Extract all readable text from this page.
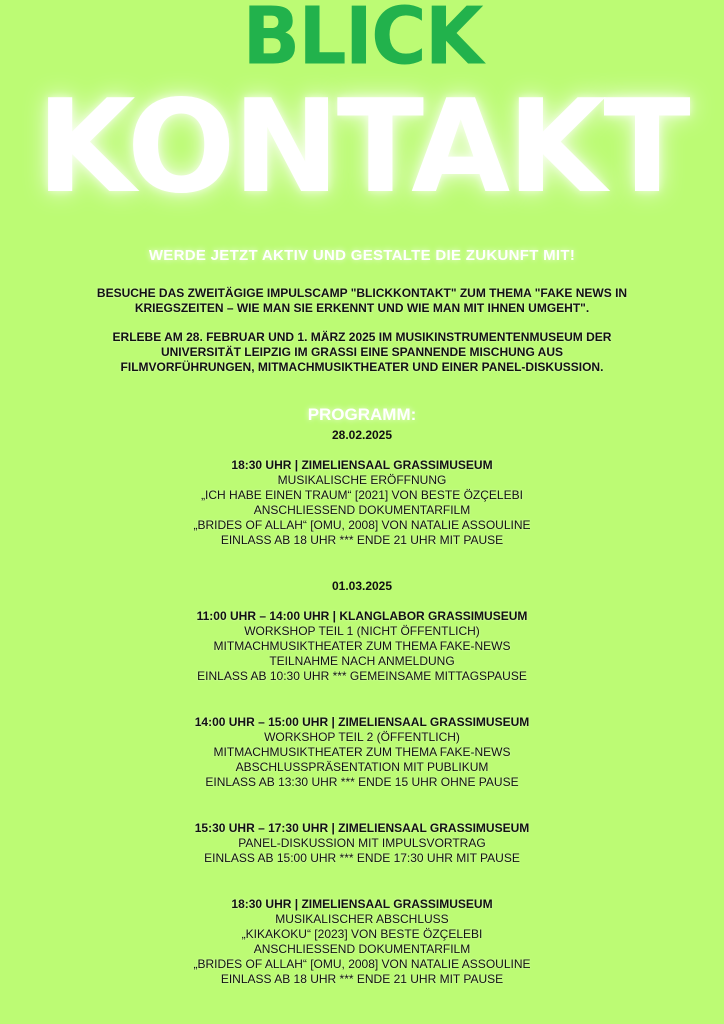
BLICK
KONTAKT
WERDE JETZT AKTIV UND GESTALTE DIE ZUKUNFT MIT!
BESUCHE DAS ZWEITÄGIGE IMPULSCAMP "BLICKKONTAKT" ZUM THEMA "FAKE NEWS IN
KRIEGSZEITEN – WIE MAN SIE ERKENNT UND WIE MAN MIT IHNEN UMGEHT".
ERLEBE AM 28. FEBRUAR UND 1. MÄRZ 2025 IM MUSIKINSTRUMENTENMUSEUM DER
UNIVERSITÄT LEIPZIG IM GRASSI EINE SPANNENDE MISCHUNG AUS
FILMVORFÜHRUNGEN, MITMACHMUSIKTHEATER UND EINER PANEL-DISKUSSION.
PROGRAMM:
28.02.2025
18:30 UHR | ZIMELIENSAAL GRASSIMUSEUM
MUSIKALISCHE ERÖFFNUNG
„ICH HABE EINEN TRAUM“ [2021] VON BESTE ÖZÇELEBI
ANSCHLIESSEND DOKUMENTARFILM
„BRIDES OF ALLAH“ [OMU, 2008] VON NATALIE ASSOULINE
EINLASS AB 18 UHR *** ENDE 21 UHR MIT PAUSE
01.03.2025
11:00 UHR – 14:00 UHR | KLANGLABOR GRASSIMUSEUM
WORKSHOP TEIL 1 (NICHT ÖFFENTLICH)
MITMACHMUSIKTHEATER ZUM THEMA FAKE-NEWS
TEILNAHME NACH ANMELDUNG
EINLASS AB 10:30 UHR *** GEMEINSAME MITTAGSPAUSE
14:00 UHR – 15:00 UHR | ZIMELIENSAAL GRASSIMUSEUM
WORKSHOP TEIL 2 (ÖFFENTLICH)
MITMACHMUSIKTHEATER ZUM THEMA FAKE-NEWS
ABSCHLUSSPRÄSENTATION MIT PUBLIKUM
EINLASS AB 13:30 UHR *** ENDE 15 UHR OHNE PAUSE
15:30 UHR – 17:30 UHR | ZIMELIENSAAL GRASSIMUSEUM
PANEL-DISKUSSION MIT IMPULSVORTRAG
EINLASS AB 15:00 UHR *** ENDE 17:30 UHR MIT PAUSE
18:30 UHR | ZIMELIENSAAL GRASSIMUSEUM
MUSIKALISCHER ABSCHLUSS
„KIKAKOKU“ [2023] VON BESTE ÖZÇELEBI
ANSCHLIESSEND DOKUMENTARFILM
„BRIDES OF ALLAH“ [OMU, 2008] VON NATALIE ASSOULINE
EINLASS AB 18 UHR *** ENDE 21 UHR MIT PAUSE
